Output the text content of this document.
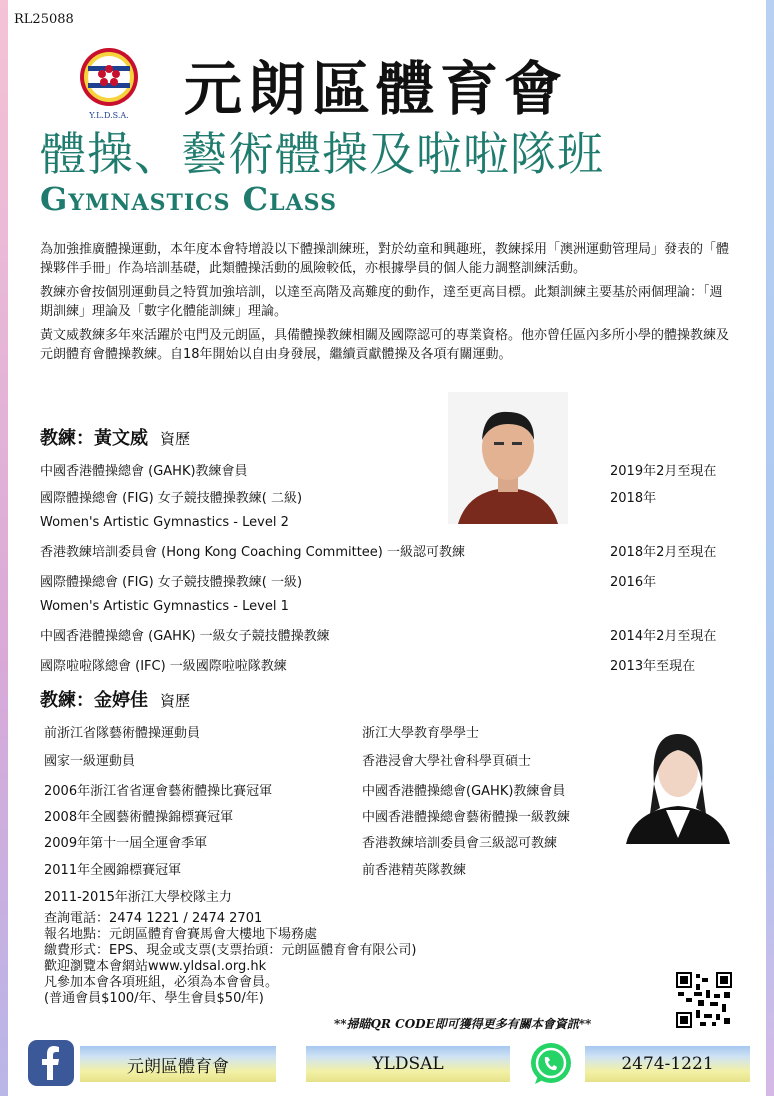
RL25088
Y.L.D.S.A. 元朗區體育會
體操、藝術體操及啦啦隊班
Gymnastics Class

為加強推廣體操運動，本年度本會特增設以下體操訓練班，對於幼童和興趣班，教練採用「澳洲運動管理局」發表的「體操夥伴手冊」作為培訓基礎，此類體操活動的風險較低，亦根據學員的個人能力調整訓練活動。

教練亦會按個別運動員之特質加強培訓，以達至高階及高難度的動作，達至更高目標。此類訓練主要基於兩個理論：「週期訓練」理論及「數字化體能訓練」理論。

黃文威教練多年來活躍於屯門及元朗區，具備體操教練相關及國際認可的專業資格。他亦曾任區內多所小學的體操教練及元朗體育會體操教練。自18年開始以自由身發展，繼續貢獻體操及各項有關運動。

教練：黃文威 資歷
中國香港體操總會 (GAHK)教練會員	2019年2月至現在
國際體操總會 (FIG) 女子競技體操教練( 二級)	2018年
Women's Artistic Gymnastics - Level 2
香港教練培訓委員會 (Hong Kong Coaching Committee) 一級認可教練	2018年2月至現在
國際體操總會 (FIG) 女子競技體操教練( 一級)	2016年
Women's Artistic Gymnastics - Level 1
中國香港體操總會 (GAHK) 一級女子競技體操教練	2014年2月至現在
國際啦啦隊總會 (IFC) 一級國際啦啦隊教練	2013年至現在
教練：金婷佳 資歷
前浙江省隊藝術體操運動員
國家一級運動員
2006年浙江省省運會藝術體操比賽冠軍
2008年全國藝術體操錦標賽冠軍
2009年第十一屆全運會季軍
2011年全國錦標賽冠軍
2011-2015年浙江大學校隊主力
浙江大學教育學學士
香港浸會大學社會科學頁碩士
中國香港體操總會(GAHK)教練會員
中國香港體操總會藝術體操一級教練
香港教練培訓委員會三級認可教練
前香港精英隊教練
查詢電話：2474 1221 / 2474 2701
報名地點：元朗區體育會賽馬會大樓地下場務處
繳費形式：EPS、現金或支票(支票抬頭：元朗區體育會有限公司)
歡迎瀏覽本會網站www.yldsal.org.hk
凡參加本會各項班組，必須為本會會員。
(普通會員$100/年、學生會員$50/年)
**掃瞄QR CODE即可獲得更多有關本會資訊**
元朗區體育會	YLDSAL	2474-1221
